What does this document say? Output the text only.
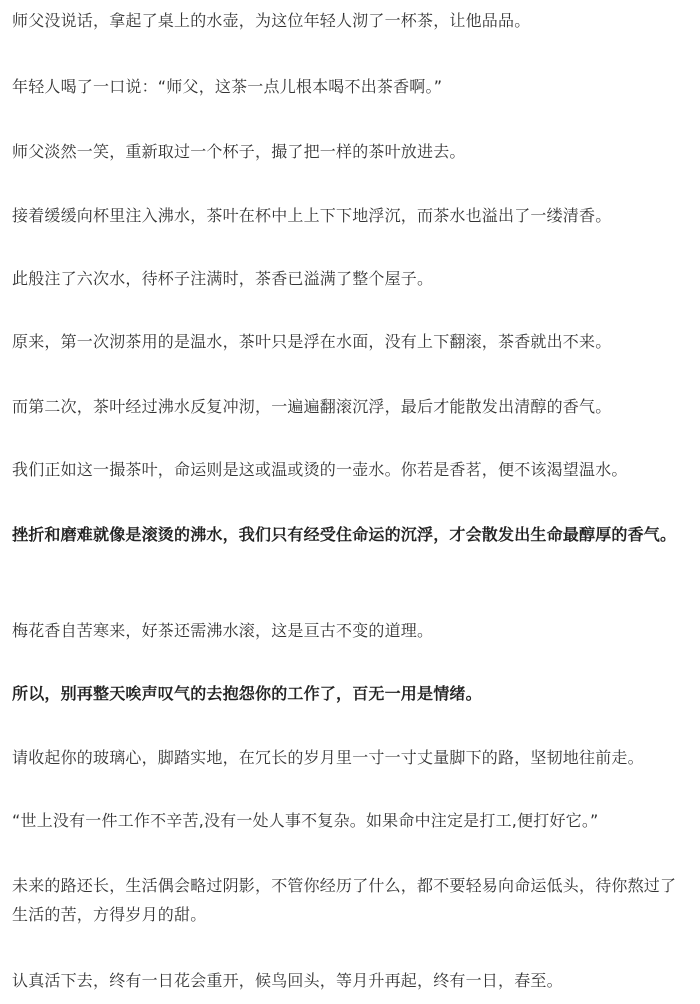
师父没说话，拿起了桌上的水壶，为这位年轻人沏了一杯茶，让他品品。

年轻人喝了一口说：“师父，这茶一点儿根本喝不出茶香啊。”

师父淡然一笑，重新取过一个杯子，撮了把一样的茶叶放进去。

接着缓缓向杯里注入沸水，茶叶在杯中上上下下地浮沉，而茶水也溢出了一缕清香。

此般注了六次水，待杯子注满时，茶香已溢满了整个屋子。

原来，第一次沏茶用的是温水，茶叶只是浮在水面，没有上下翻滚，茶香就出不来。

而第二次，茶叶经过沸水反复冲沏，一遍遍翻滚沉浮，最后才能散发出清醇的香气。

我们正如这一撮茶叶，命运则是这或温或烫的一壶水。你若是香茗，便不该渴望温水。

挫折和磨难就像是滚烫的沸水，我们只有经受住命运的沉浮，才会散发出生命最醇厚的香气。

梅花香自苦寒来，好茶还需沸水滚，这是亘古不变的道理。

所以，别再整天唉声叹气的去抱怨你的工作了，百无一用是情绪。

请收起你的玻璃心，脚踏实地，在冗长的岁月里一寸一寸丈量脚下的路，坚韧地往前走。

“世上没有一件工作不辛苦,没有一处人事不复杂。如果命中注定是打工,便打好它。”

未来的路还长，生活偶会略过阴影，不管你经历了什么，都不要轻易向命运低头，待你熬过了生活的苦，方得岁月的甜。

认真活下去，终有一日花会重开，候鸟回头，等月升再起，终有一日，春至。
